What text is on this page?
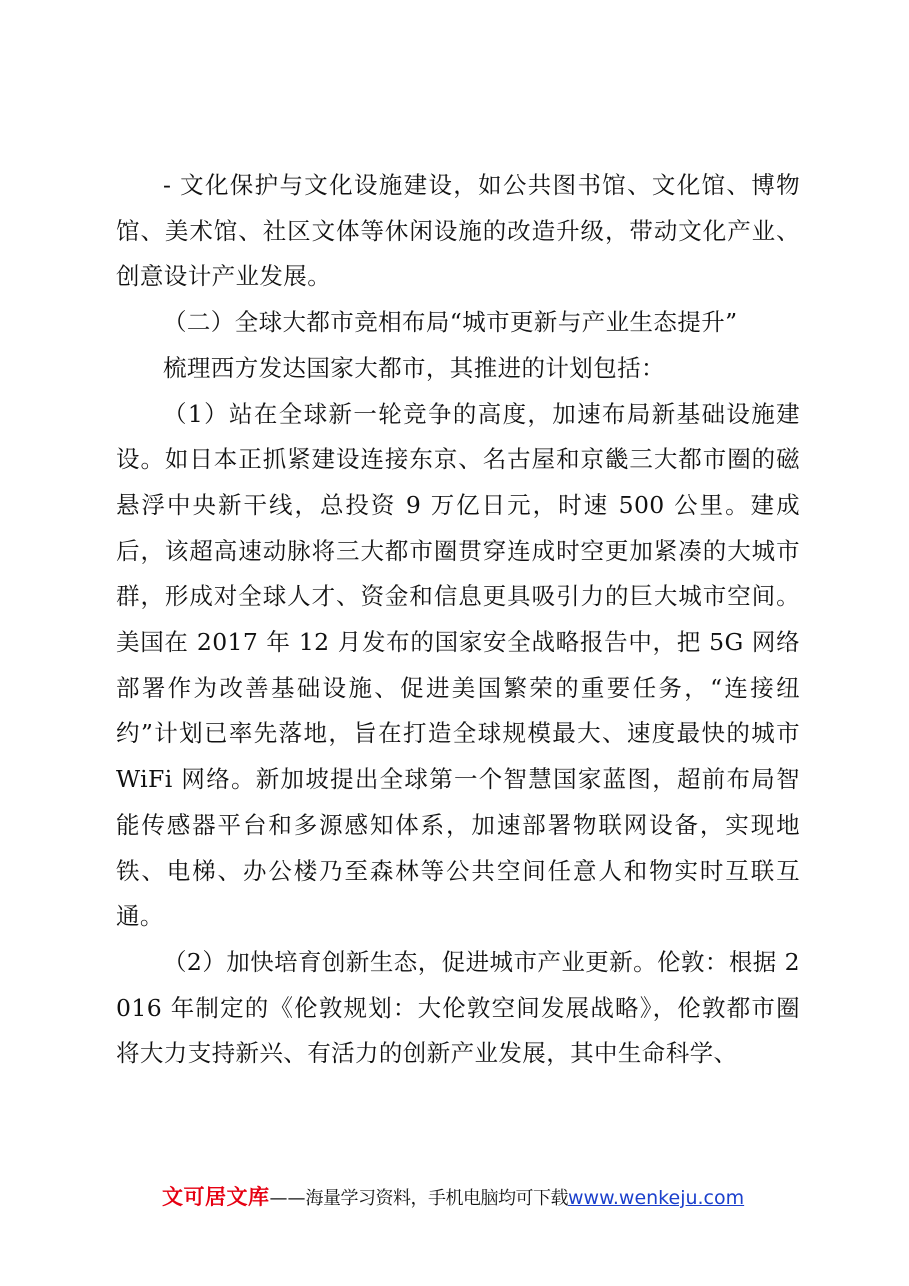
- 文化保护与文化设施建设，如公共图书馆、文化馆、博物馆、美术馆、社区文体等休闲设施的改造升级，带动文化产业、创意设计产业发展。

（二）全球大都市竞相布局“城市更新与产业生态提升”

梳理西方发达国家大都市，其推进的计划包括：

（1）站在全球新一轮竞争的高度，加速布局新基础设施建设。如日本正抓紧建设连接东京、名古屋和京畿三大都市圈的磁悬浮中央新干线，总投资 9 万亿日元，时速 500 公里。建成后，该超高速动脉将三大都市圈贯穿连成时空更加紧凑的大城市群，形成对全球人才、资金和信息更具吸引力的巨大城市空间。美国在 2017 年 12 月发布的国家安全战略报告中，把 5G 网络部署作为改善基础设施、促进美国繁荣的重要任务，“连接纽约”计划已率先落地，旨在打造全球规模最大、速度最快的城市 WiFi 网络。新加坡提出全球第一个智慧国家蓝图，超前布局智能传感器平台和多源感知体系，加速部署物联网设备，实现地铁、电梯、办公楼乃至森林等公共空间任意人和物实时互联互通。

（2）加快培育创新生态，促进城市产业更新。伦敦：根据 2016 年制定的《伦敦规划：大伦敦空间发展战略》，伦敦都市圈将大力支持新兴、有活力的创新产业发展，其中生命科学、

文可居文库——海量学习资料，手机电脑均可下载www.wenkeju.com
